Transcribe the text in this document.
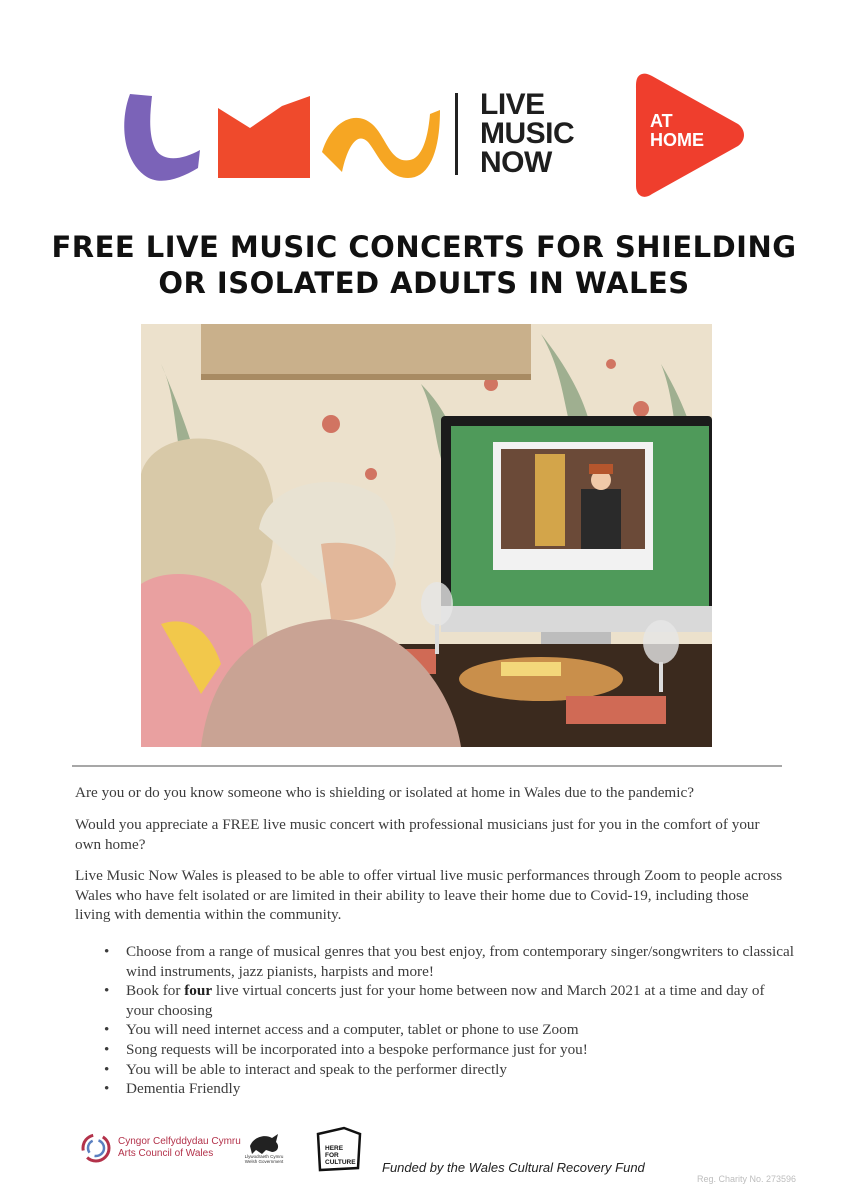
LIVE
MUSIC
NOW
AT
HOME
FREE LIVE MUSIC CONCERTS FOR SHIELDING
OR ISOLATED ADULTS IN WALES

Are you or do you know someone who is shielding or isolated at home in Wales due to the pandemic?

Would you appreciate a FREE live music concert with professional musicians just for you in the comfort of your own home?

Live Music Now Wales is pleased to be able to offer virtual live music performances through Zoom to people across Wales who have felt isolated or are limited in their ability to leave their home due to Covid-19, including those living with dementia within the community.

• Choose from a range of musical genres that you best enjoy, from contemporary singer/songwriters to classical wind instruments, jazz pianists, harpists and more!
• Book for four live virtual concerts just for your home between now and March 2021 at a time and day of your choosing
• You will need internet access and a computer, tablet or phone to use Zoom
• Song requests will be incorporated into a bespoke performance just for you!
• You will be able to interact and speak to the performer directly
• Dementia Friendly
Cyngor Celfyddydau Cymru
Arts Council of Wales	Llywodraeth Cymru
Welsh Government
HERE
FOR
CULTURE Funded by the Wales Cultural Recovery Fund
Reg. Charity No. 273596
